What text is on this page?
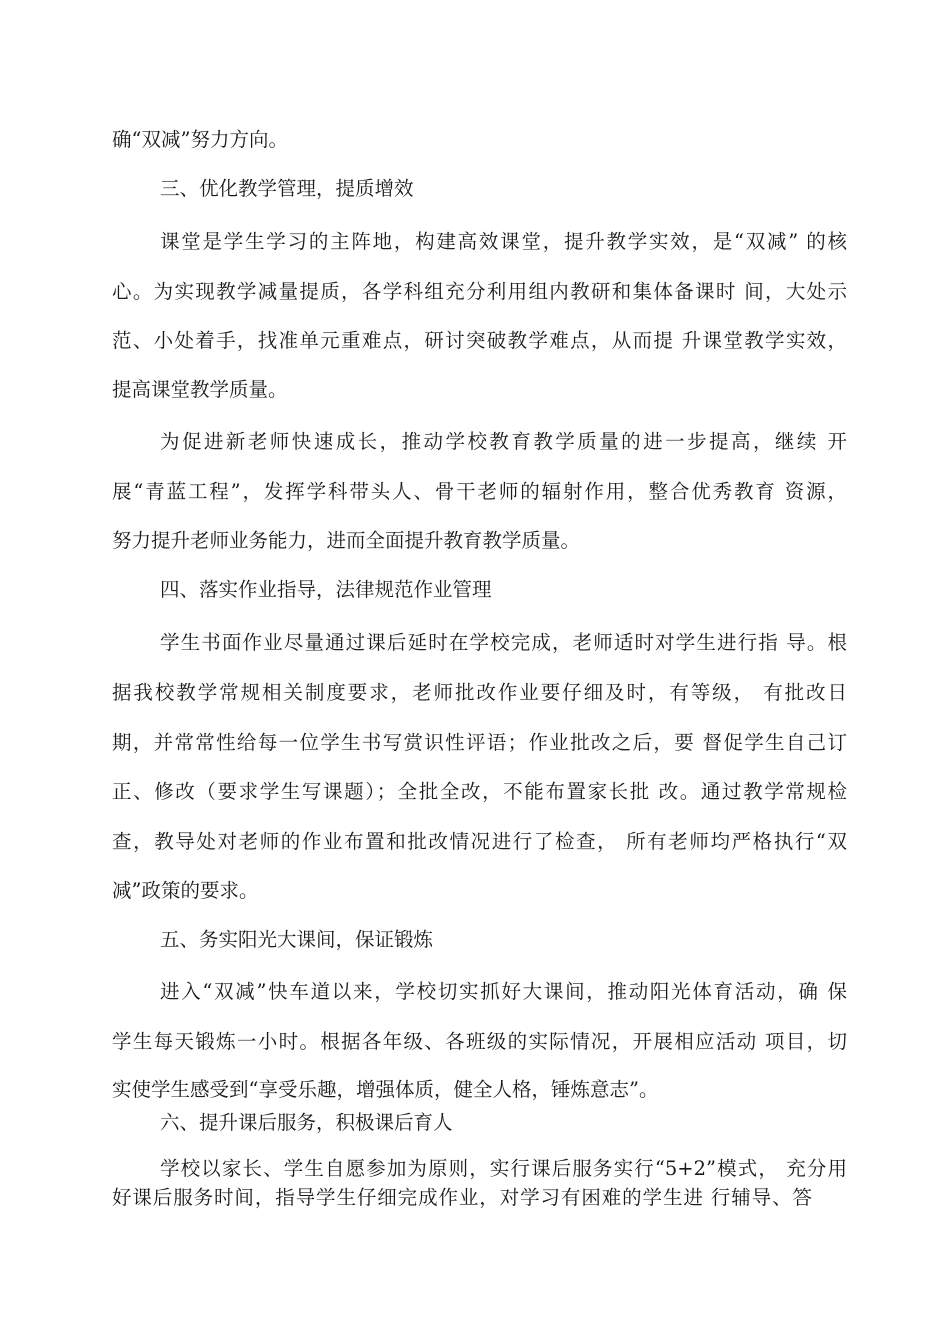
确“双减”努力方向。
三、优化教学管理，提质增效
课堂是学生学习的主阵地，构建高效课堂，提升教学实效，是“双减” 的核
心。为实现教学减量提质，各学科组充分利用组内教研和集体备课时 间，大处示
范、小处着手，找准单元重难点，研讨突破教学难点，从而提 升课堂教学实效，
提高课堂教学质量。
为促进新老师快速成长，推动学校教育教学质量的进一步提高，继续 开
展“青蓝工程”，发挥学科带头人、骨干老师的辐射作用，整合优秀教育 资源，
努力提升老师业务能力，进而全面提升教育教学质量。
四、落实作业指导，法律规范作业管理
学生书面作业尽量通过课后延时在学校完成，老师适时对学生进行指 导。根
据我校教学常规相关制度要求，老师批改作业要仔细及时，有等级， 有批改日
期，并常常性给每一位学生书写赏识性评语；作业批改之后，要 督促学生自己订
正、修改（要求学生写课题）；全批全改，不能布置家长批 改。通过教学常规检
查，教导处对老师的作业布置和批改情况进行了检查， 所有老师均严格执行“双
减”政策的要求。
五、务实阳光大课间，保证锻炼
进入“双减”快车道以来，学校切实抓好大课间，推动阳光体育活动，确 保
学生每天锻炼一小时。根据各年级、各班级的实际情况，开展相应活动 项目，切
实使学生感受到“享受乐趣，增强体质，健全人格，锤炼意志”。
六、提升课后服务，积极课后育人
学校以家长、学生自愿参加为原则，实行课后服务实行“5+2”模式， 充分用
好课后服务时间，指导学生仔细完成作业，对学习有困难的学生进 行辅导、答
